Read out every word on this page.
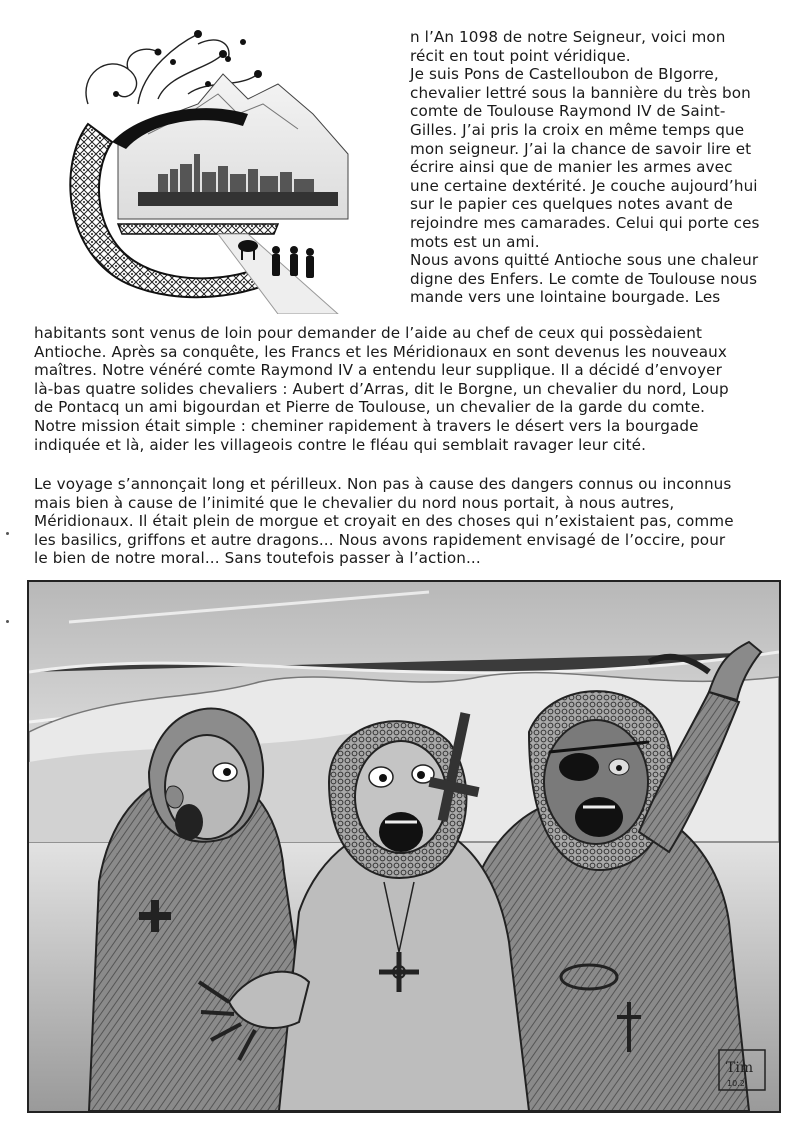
n l’An 1098 de notre Seigneur, voici mon

récit en tout point véridique.

Je suis Pons de Castelloubon de BIgorre,

chevalier lettré sous la bannière du très bon

comte de Toulouse Raymond IV de Saint-

Gilles. J’ai pris la croix en même temps que

mon seigneur. J’ai la chance de savoir lire et

écrire ainsi que de manier les armes avec

une certaine dextérité. Je couche aujourd’hui

sur le papier ces quelques notes avant de

rejoindre mes camarades. Celui qui porte ces

mots est un ami.

Nous avons quitté Antioche sous une chaleur

digne des Enfers. Le comte de Toulouse nous

mande vers une lointaine bourgade. Les

habitants sont venus de loin pour demander de l’aide au chef de ceux qui possèdaient

Antioche. Après sa conquête, les Francs et les Méridionaux en sont devenus les nouveaux

maîtres. Notre vénéré comte Raymond IV a entendu leur supplique. Il a décidé d’envoyer

là-bas quatre solides chevaliers : Aubert d’Arras, dit le Borgne, un chevalier du nord, Loup

de Pontacq un ami bigourdan et Pierre de Toulouse, un chevalier de la garde du comte.

Notre mission était simple : cheminer rapidement à travers le désert vers la bourgade

indiquée et là, aider les villageois contre le fléau qui semblait ravager leur cité.

Le voyage s’annonçait long et périlleux. Non pas à cause des dangers connus ou inconnus

mais bien à cause de l’inimité que le chevalier du nord nous portait, à nous autres,

Méridionaux. Il était plein de morgue et croyait en des choses qui n’existaient pas, comme

les basilics, griffons et autre dragons... Nous avons rapidement envisagé de l’occire, pour

le bien de notre moral... Sans toutefois passer à l’action...

Tim
10.2
